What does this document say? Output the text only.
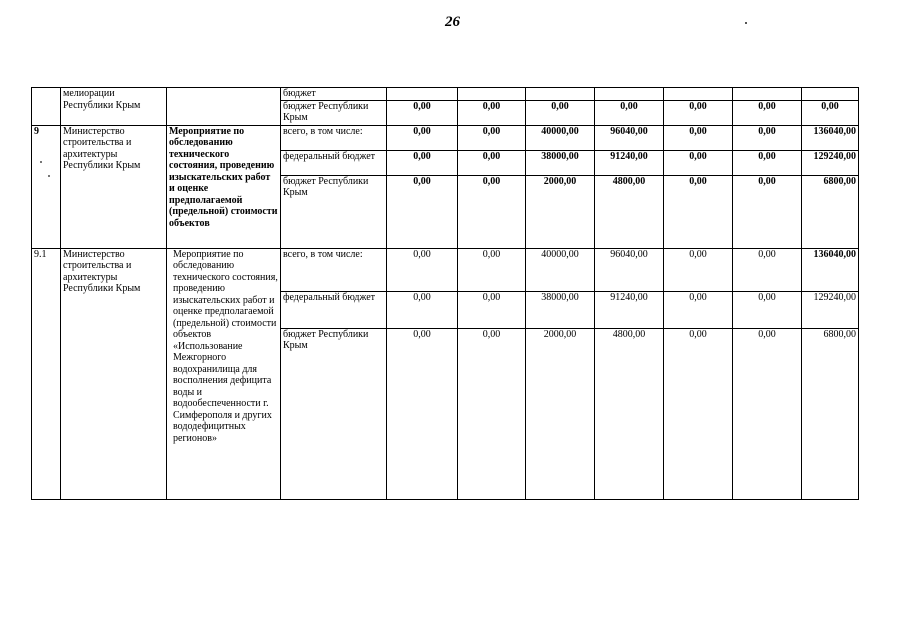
26
	мелиорации Республики Крым		бюджет							
			бюджет Республики Крым	0,00	0,00	0,00	0,00	0,00	0,00	0,00
9	Министерство строительства и архитектуры Республики Крым	Мероприятие по обследованию технического состояния, проведению изыскательских работ и оценке предполагаемой (предельной) стоимости объектов	всего, в том числе:	0,00	0,00	40000,00	96040,00	0,00	0,00	136040,00
			федеральный бюджет	0,00	0,00	38000,00	91240,00	0,00	0,00	129240,00
			бюджет Республики Крым	0,00	0,00	2000,00	4800,00	0,00	0,00	6800,00
9.1	Министерство строительства и архитектуры Республики Крым	Мероприятие по обследованию технического состояния, проведению изыскательских работ и оценке предполагаемой (предельной) стоимости объектов «Использование Межгорного водохранилища для восполнения дефицита воды и водообеспеченности г. Симферополя и других вододефицитных регионов»	всего, в том числе:	0,00	0,00	40000,00	96040,00	0,00	0,00	136040,00
			федеральный бюджет	0,00	0,00	38000,00	91240,00	0,00	0,00	129240,00
			бюджет Республики Крым	0,00	0,00	2000,00	4800,00	0,00	0,00	6800,00
